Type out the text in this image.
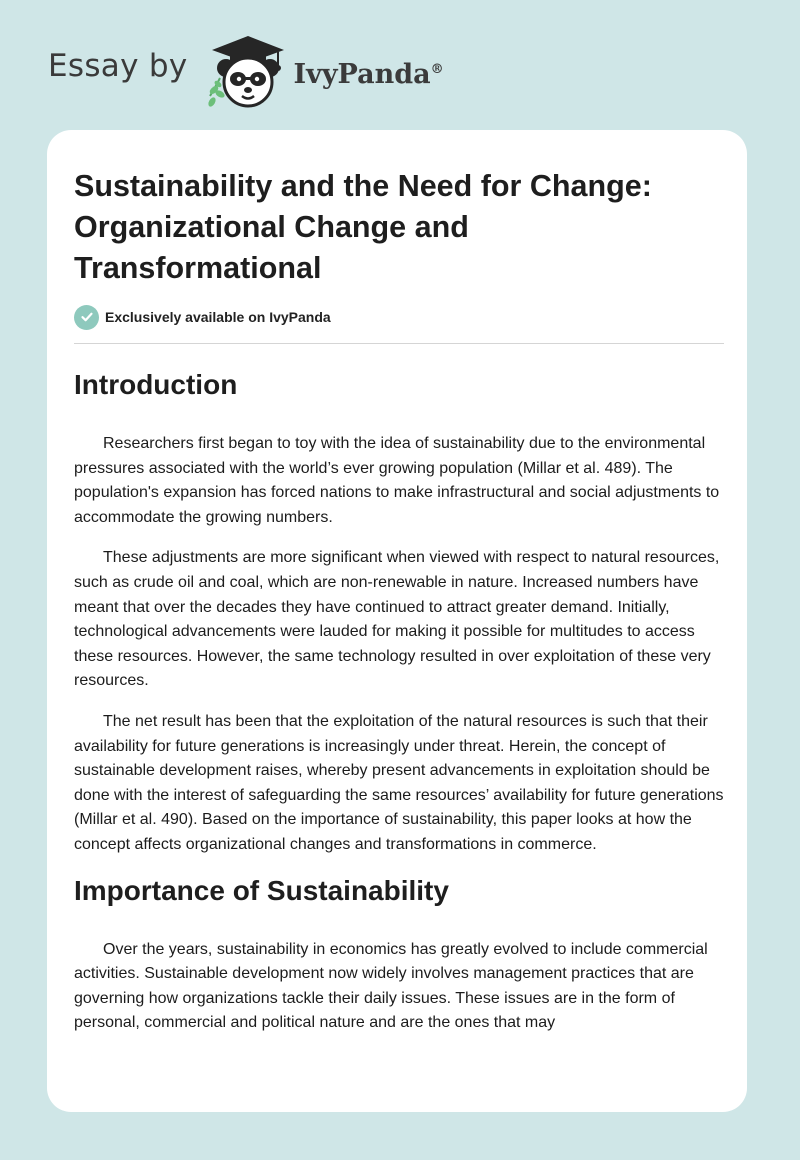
Essay by	IvyPanda®
Sustainability and the Need for Change: Organizational Change and Transformational
Exclusively available on IvyPanda
Introduction

Researchers first began to toy with the idea of sustainability due to the environmental pressures associated with the world’s ever growing population (Millar et al. 489). The population's expansion has forced nations to make infrastructural and social adjustments to accommodate the growing numbers.

These adjustments are more significant when viewed with respect to natural resources, such as crude oil and coal, which are non-renewable in nature. Increased numbers have meant that over the decades they have continued to attract greater demand. Initially, technological advancements were lauded for making it possible for multitudes to access these resources. However, the same technology resulted in over exploitation of these very resources.

The net result has been that the exploitation of the natural resources is such that their availability for future generations is increasingly under threat. Herein, the concept of sustainable development raises, whereby present advancements in exploitation should be done with the interest of safeguarding the same resources’ availability for future generations (Millar et al. 490). Based on the importance of sustainability, this paper looks at how the concept affects organizational changes and transformations in commerce.

Importance of Sustainability

Over the years, sustainability in economics has greatly evolved to include commercial activities. Sustainable development now widely involves management practices that are governing how organizations tackle their daily issues. These issues are in the form of personal, commercial and political nature and are the ones that may
